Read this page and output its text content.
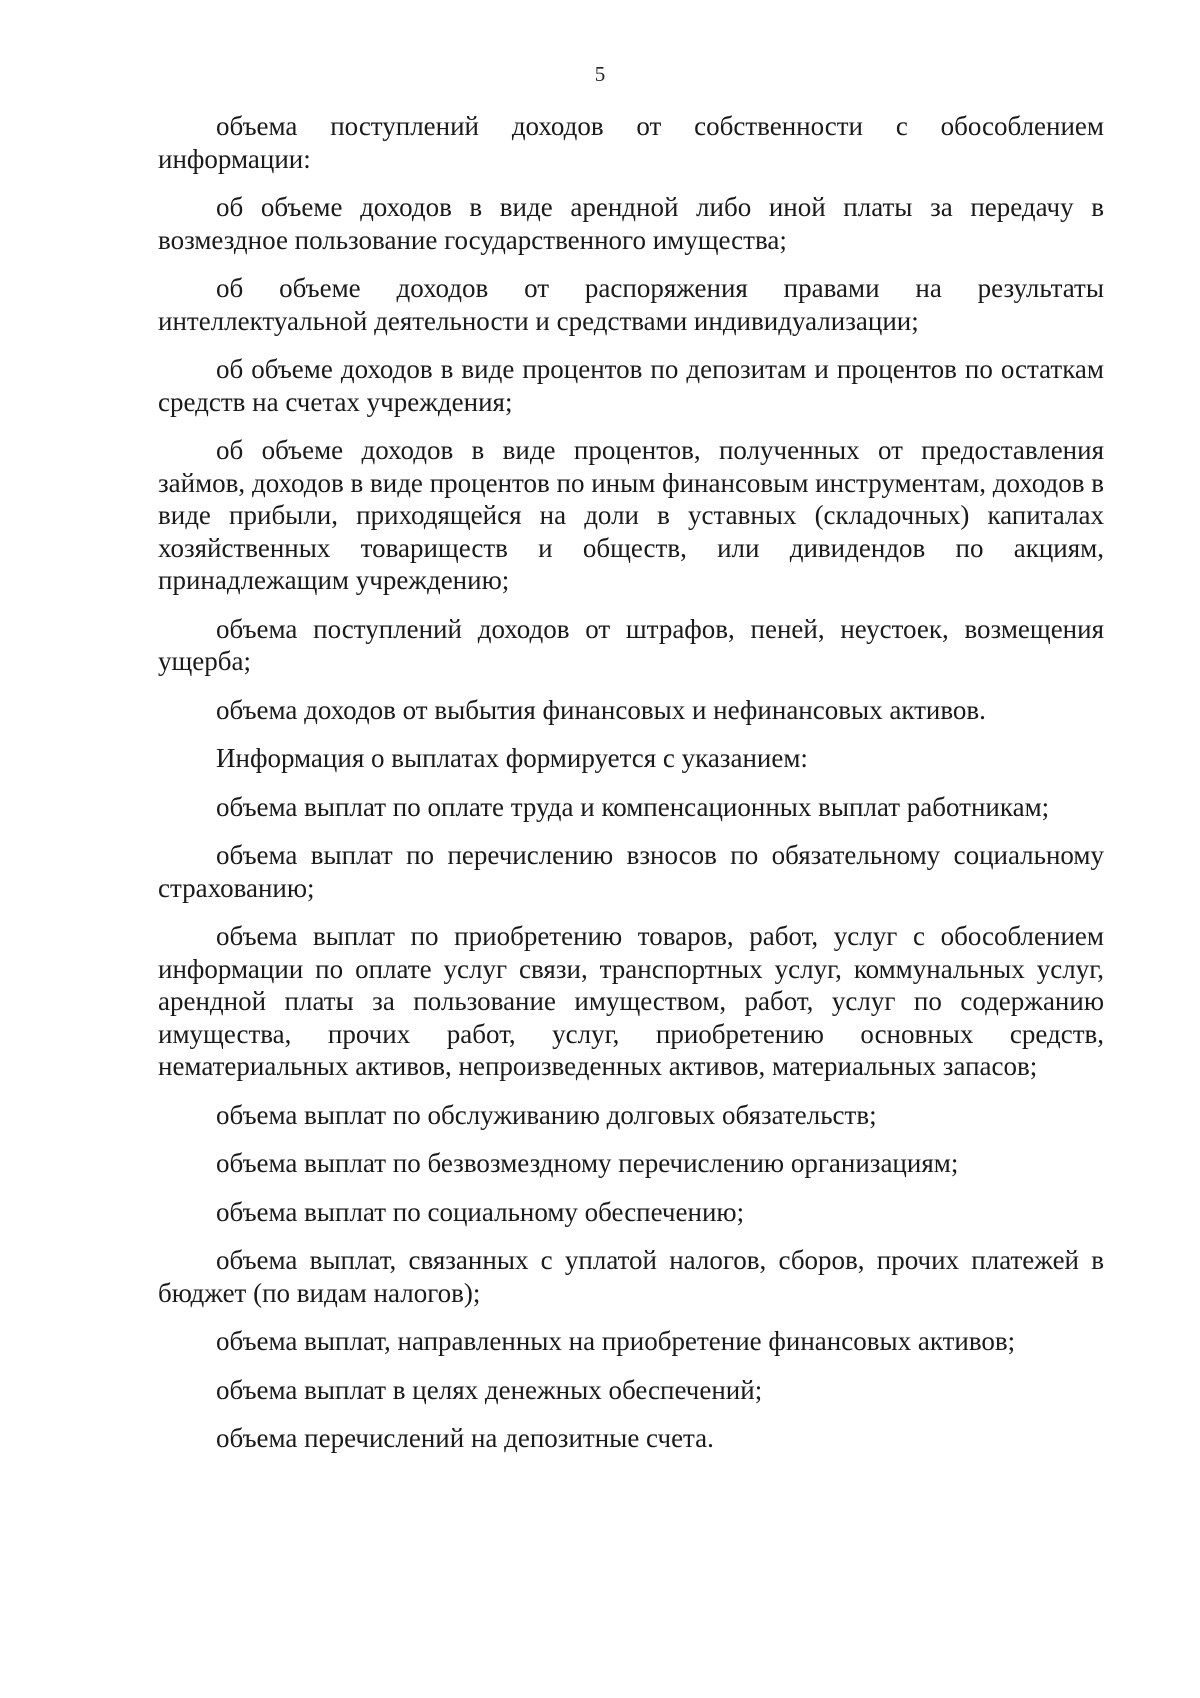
5

объема поступлений доходов от собственности с обособлением информации:

об объеме доходов в виде арендной либо иной платы за передачу в возмездное пользование государственного имущества;

об объеме доходов от распоряжения правами на результаты интеллектуальной деятельности и средствами индивидуализации;

об объеме доходов в виде процентов по депозитам и процентов по остаткам средств на счетах учреждения;

об объеме доходов в виде процентов, полученных от предоставления займов, доходов в виде процентов по иным финансовым инструментам, доходов в виде прибыли, приходящейся на доли в уставных (складочных) капиталах хозяйственных товариществ и обществ, или дивидендов по акциям, принадлежащим учреждению;

объема поступлений доходов от штрафов, пеней, неустоек, возмещения ущерба;

объема доходов от выбытия финансовых и нефинансовых активов.

Информация о выплатах формируется с указанием:

объема выплат по оплате труда и компенсационных выплат работникам;

объема выплат по перечислению взносов по обязательному социальному страхованию;

объема выплат по приобретению товаров, работ, услуг с обособлением информации по оплате услуг связи, транспортных услуг, коммунальных услуг, арендной платы за пользование имуществом, работ, услуг по содержанию имущества, прочих работ, услуг, приобретению основных средств, нематериальных активов, непроизведенных активов, материальных запасов;

объема выплат по обслуживанию долговых обязательств;

объема выплат по безвозмездному перечислению организациям;

объема выплат по социальному обеспечению;

объема выплат, связанных с уплатой налогов, сборов, прочих платежей в бюджет (по видам налогов);

объема выплат, направленных на приобретение финансовых активов;

объема выплат в целях денежных обеспечений;

объема перечислений на депозитные счета.
